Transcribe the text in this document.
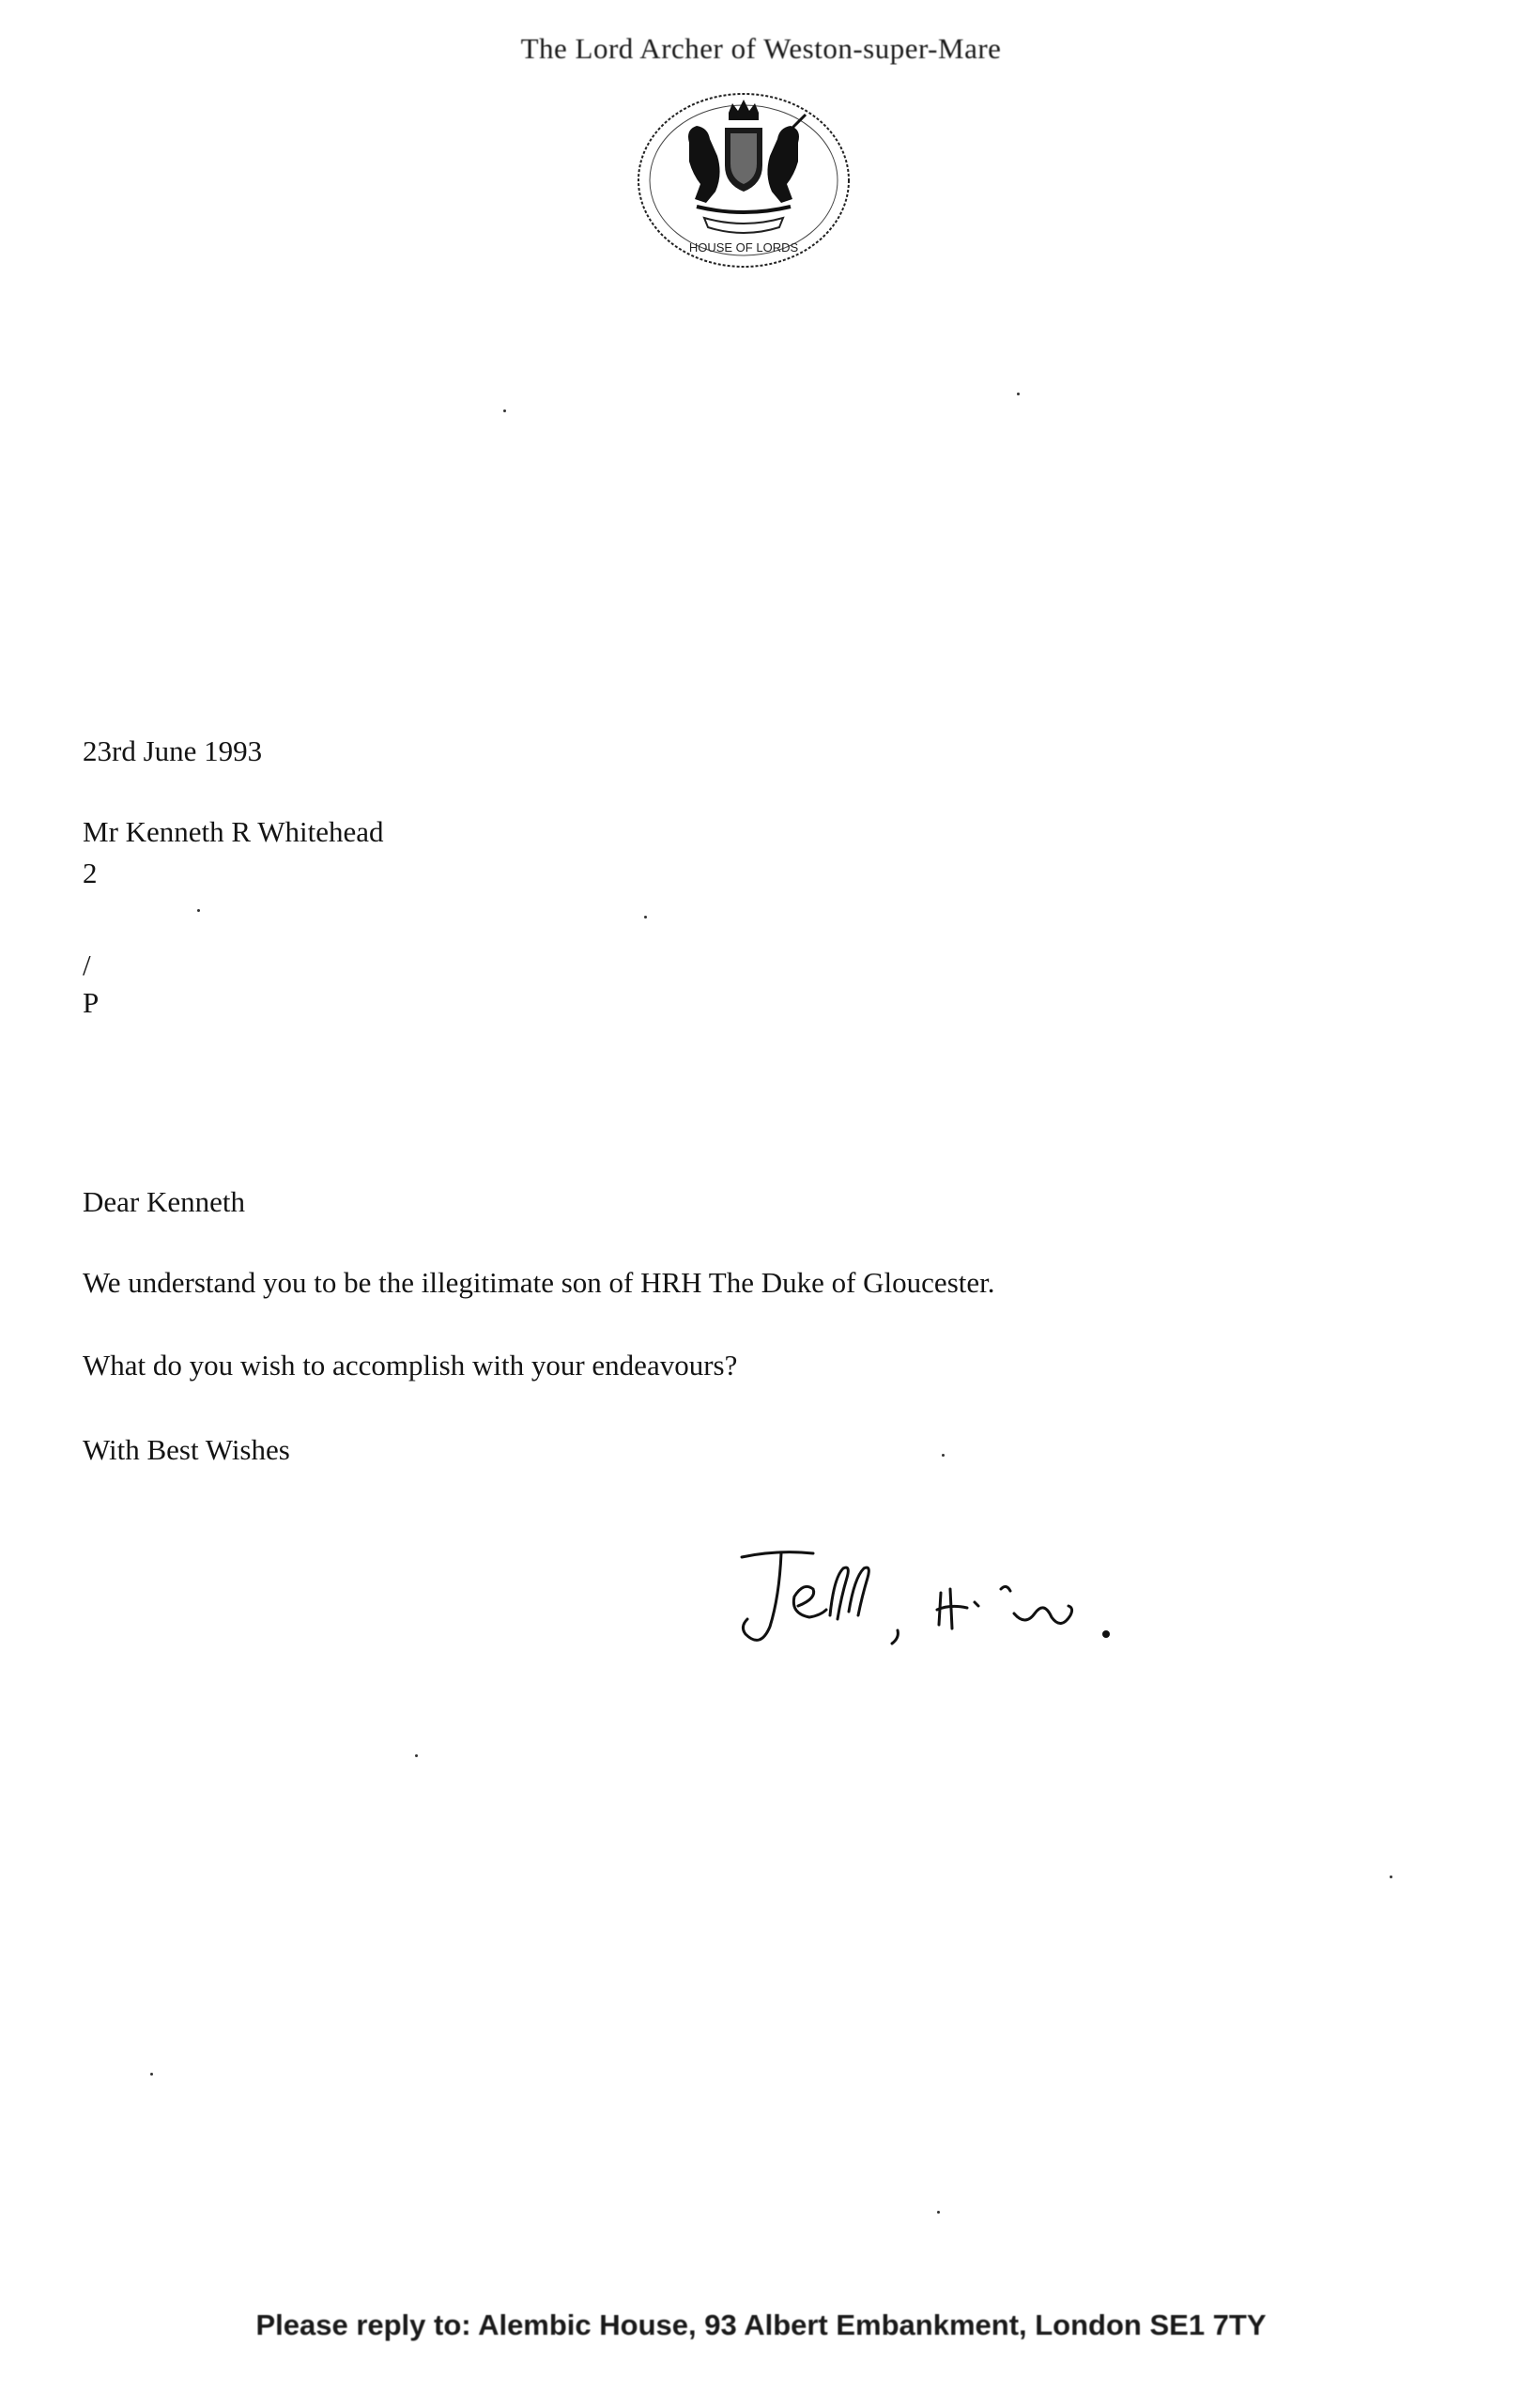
The Lord Archer of Weston-super-Mare
HOUSE OF LORDS
23rd June 1993
Mr Kenneth R Whitehead
2
/
P
Dear Kenneth
We understand you to be the illegitimate son of HRH The Duke of Gloucester.
What do you wish to accomplish with your endeavours?
With Best Wishes
Please reply to: Alembic House, 93 Albert Embankment, London SE1 7TY
